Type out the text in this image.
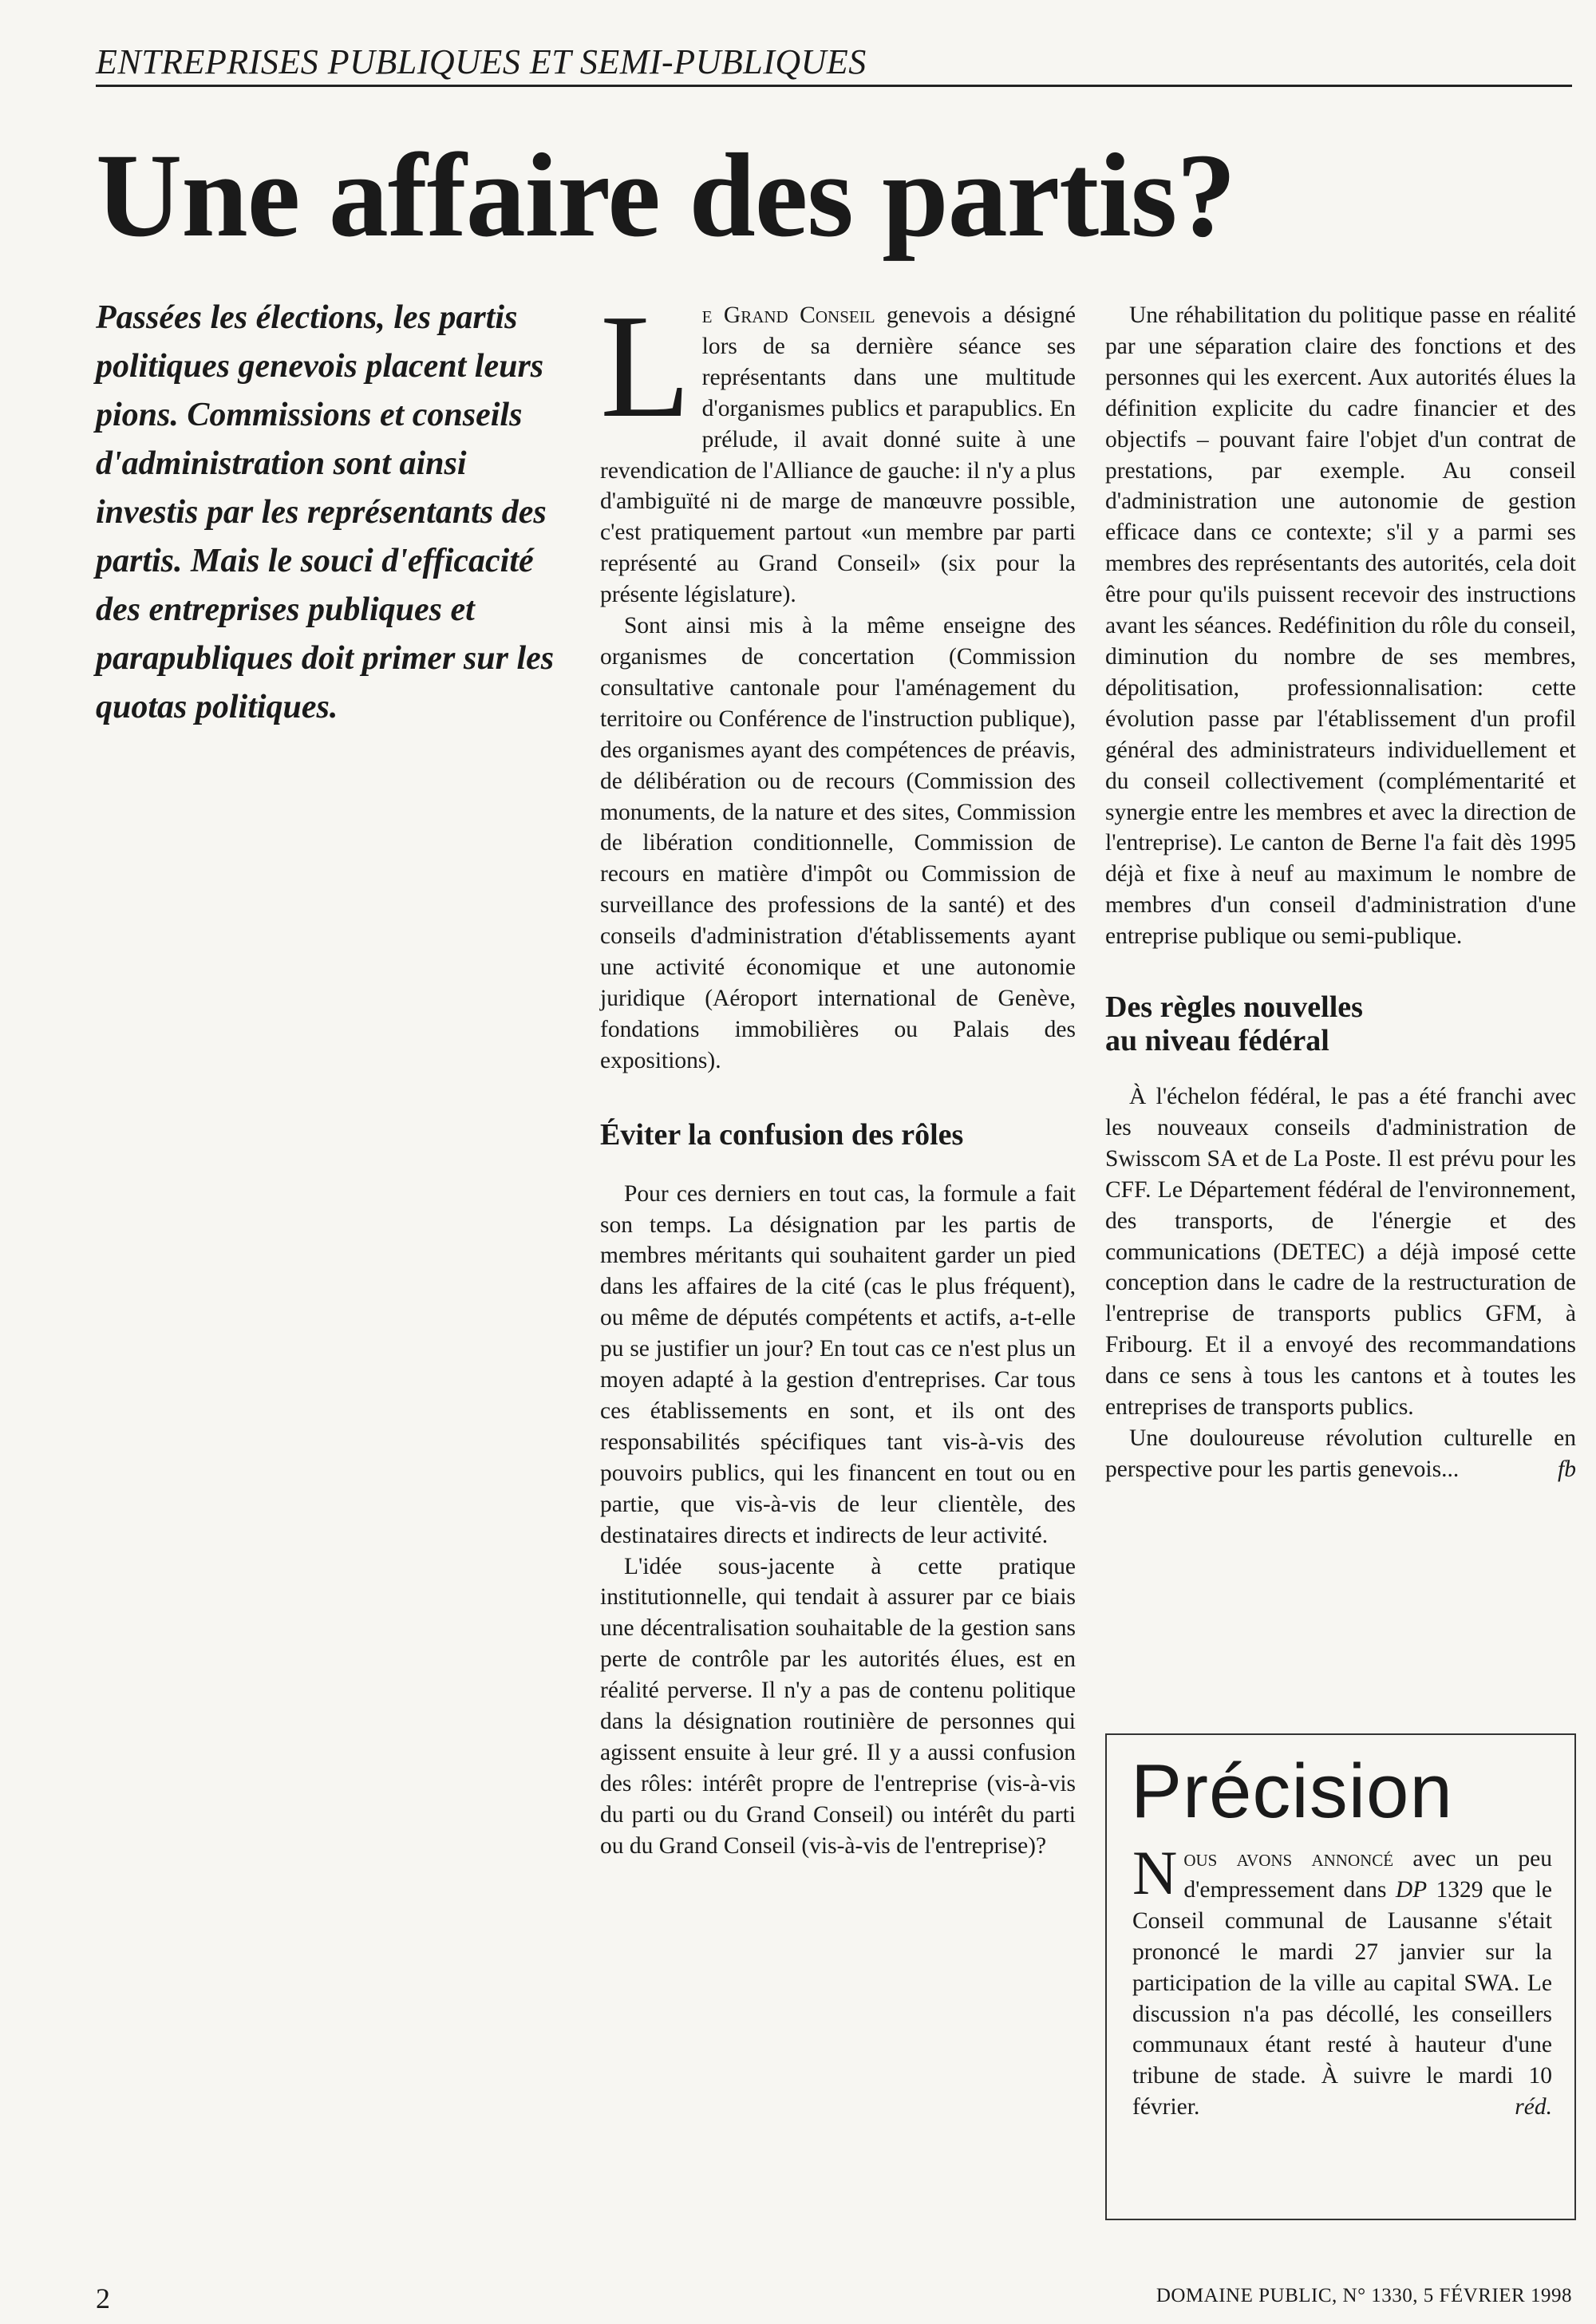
ENTREPRISES PUBLIQUES ET SEMI-PUBLIQUES
Une affaire des partis?
Passées les élections, les partis politiques genevois placent leurs pions. Commissions et conseils d'administration sont ainsi investis par les représentants des partis. Mais le souci d'efficacité des entreprises publiques et parapubliques doit primer sur les quotas politiques.

Le Grand Conseil genevois a désigné lors de sa dernière séance ses représentants dans une multitude d'organismes publics et parapublics. En prélude, il avait donné suite à une revendication de l'Alliance de gauche: il n'y a plus d'ambiguïté ni de marge de manœuvre possible, c'est pratiquement partout «un membre par parti représenté au Grand Conseil» (six pour la présente législature).

Sont ainsi mis à la même enseigne des organismes de concertation (Commission consultative cantonale pour l'aménagement du territoire ou Conférence de l'instruction publique), des organismes ayant des compétences de préavis, de délibération ou de recours (Commission des monuments, de la nature et des sites, Commission de libération conditionnelle, Commission de recours en matière d'impôt ou Commission de surveillance des professions de la santé) et des conseils d'administration d'établissements ayant une activité économique et une autonomie juridique (Aéroport international de Genève, fondations immobilières ou Palais des expositions).

Éviter la confusion des rôles

Pour ces derniers en tout cas, la formule a fait son temps. La désignation par les partis de membres méritants qui souhaitent garder un pied dans les affaires de la cité (cas le plus fréquent), ou même de députés compétents et actifs, a-t-elle pu se justifier un jour? En tout cas ce n'est plus un moyen adapté à la gestion d'entreprises. Car tous ces établissements en sont, et ils ont des responsabilités spécifiques tant vis-à-vis des pouvoirs publics, qui les financent en tout ou en partie, que vis-à-vis de leur clientèle, des destinataires directs et indirects de leur activité.

L'idée sous-jacente à cette pratique institutionnelle, qui tendait à assurer par ce biais une décentralisation souhaitable de la gestion sans perte de contrôle par les autorités élues, est en réalité perverse. Il n'y a pas de contenu politique dans la désignation routinière de personnes qui agissent ensuite à leur gré. Il y a aussi confusion des rôles: intérêt propre de l'entreprise (vis-à-vis du parti ou du Grand Conseil) ou intérêt du parti ou du Grand Conseil (vis-à-vis de l'entreprise)?

Une réhabilitation du politique passe en réalité par une séparation claire des fonctions et des personnes qui les exercent. Aux autorités élues la définition explicite du cadre financier et des objectifs – pouvant faire l'objet d'un contrat de prestations, par exemple. Au conseil d'administration une autonomie de gestion efficace dans ce contexte; s'il y a parmi ses membres des représentants des autorités, cela doit être pour qu'ils puissent recevoir des instructions avant les séances. Redéfinition du rôle du conseil, diminution du nombre de ses membres, dépolitisation, professionnalisation: cette évolution passe par l'établissement d'un profil général des administrateurs individuellement et du conseil collectivement (complémentarité et synergie entre les membres et avec la direction de l'entreprise). Le canton de Berne l'a fait dès 1995 déjà et fixe à neuf au maximum le nombre de membres d'un conseil d'administration d'une entreprise publique ou semi-publique.

Des règles nouvelles
au niveau fédéral

À l'échelon fédéral, le pas a été franchi avec les nouveaux conseils d'administration de Swisscom SA et de La Poste. Il est prévu pour les CFF. Le Département fédéral de l'environnement, des transports, de l'énergie et des communications (DETEC) a déjà imposé cette conception dans le cadre de la restructuration de l'entreprise de transports publics GFM, à Fribourg. Et il a envoyé des recommandations dans ce sens à tous les cantons et à toutes les entreprises de transports publics.

Une douloureuse révolution culturelle en perspective pour les partis genevois...	fb

Précision
Nous avons annoncé avec un peu d'empressement dans DP 1329 que le Conseil communal de Lausanne s'était prononcé le mardi 27 janvier sur la participation de la ville au capital SWA. Le discussion n'a pas décollé, les conseillers communaux étant resté à hauteur d'une tribune de stade. À suivre le mardi 10 février.	réd.
2	DOMAINE PUBLIC, N° 1330, 5 FÉVRIER 1998
